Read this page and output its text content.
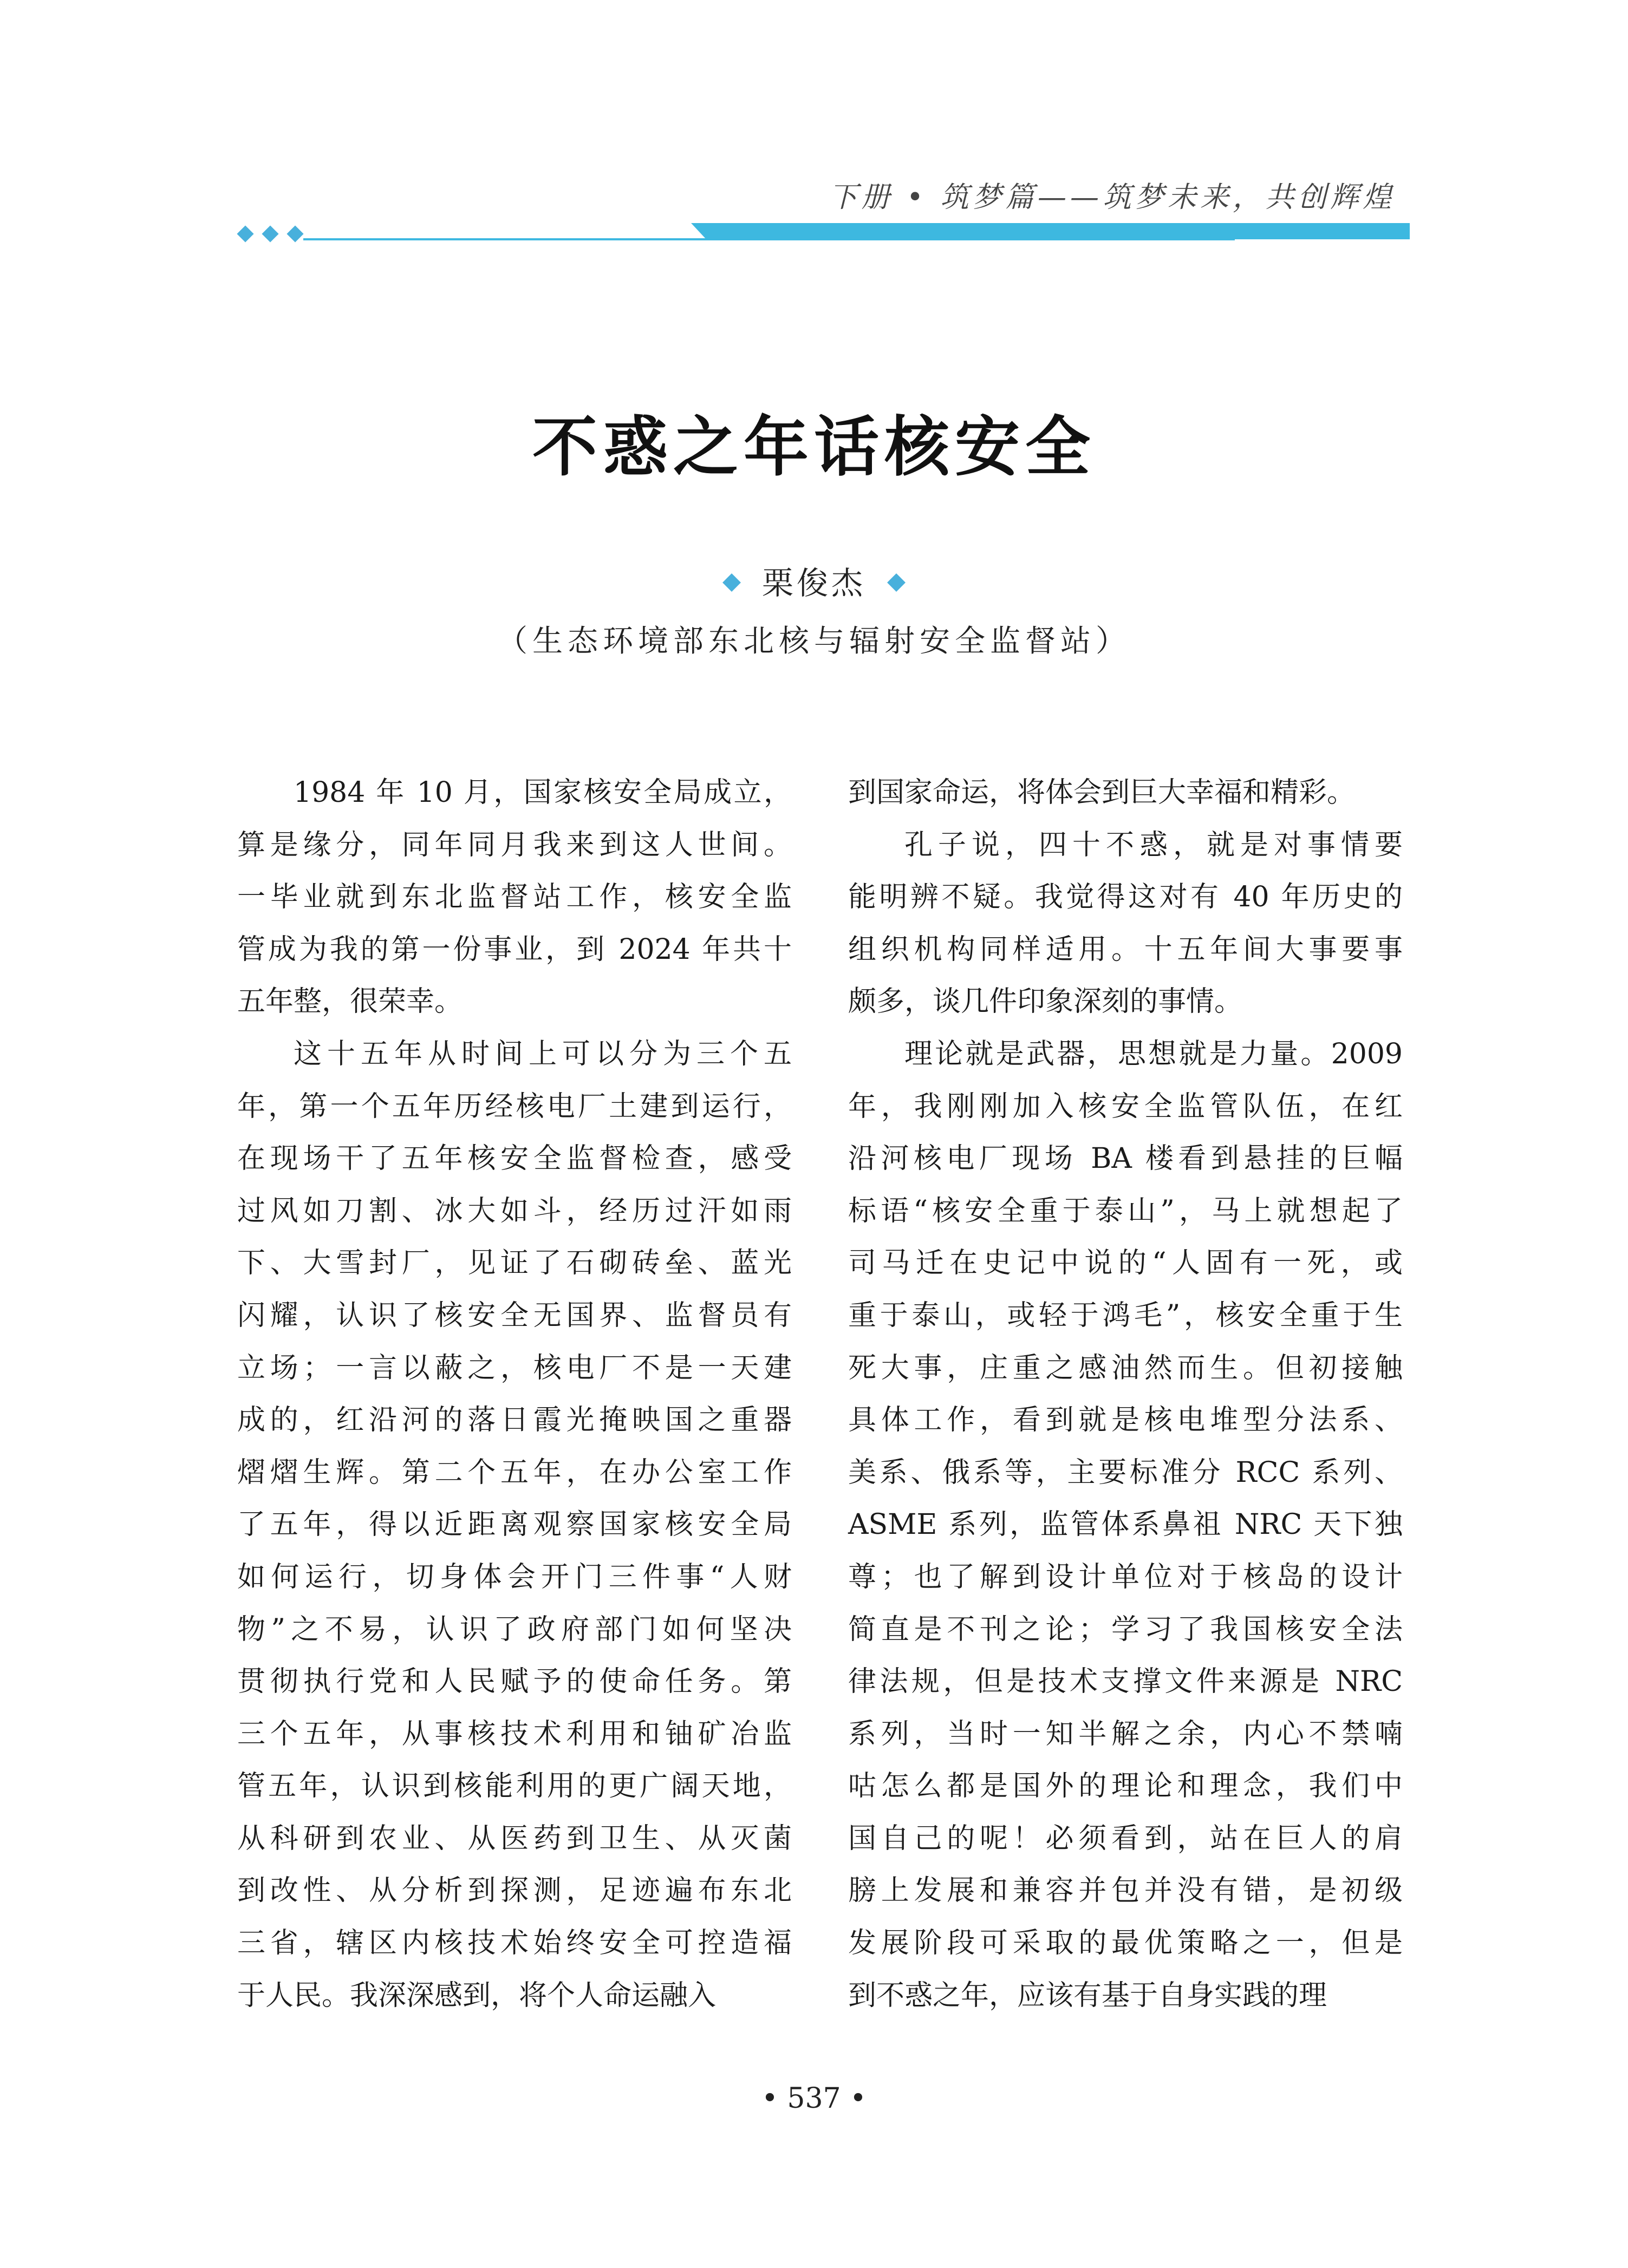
下册 • 筑梦篇——筑梦未来，共创辉煌
不惑之年话核安全
栗俊杰
（生态环境部东北核与辐射安全监督站）

1984 年 10 月，国家核安全局成立，
算是缘分，同年同月我来到这人世间。
一毕业就到东北监督站工作，核安全监
管成为我的第一份事业，到 2024 年共十
五年整，很荣幸。

这十五年从时间上可以分为三个五
年，第一个五年历经核电厂土建到运行，
在现场干了五年核安全监督检查，感受
过风如刀割、冰大如斗，经历过汗如雨
下、大雪封厂，见证了石砌砖垒、蓝光
闪耀，认识了核安全无国界、监督员有
立场；一言以蔽之，核电厂不是一天建
成的，红沿河的落日霞光掩映国之重器
熠熠生辉。第二个五年，在办公室工作
了五年，得以近距离观察国家核安全局
如何运行，切身体会开门三件事“人财
物”之不易，认识了政府部门如何坚决
贯彻执行党和人民赋予的使命任务。第
三个五年，从事核技术利用和铀矿冶监
管五年，认识到核能利用的更广阔天地，
从科研到农业、从医药到卫生、从灭菌
到改性、从分析到探测，足迹遍布东北
三省，辖区内核技术始终安全可控造福
于人民。我深深感到，将个人命运融入

到国家命运，将体会到巨大幸福和精彩。

孔子说，四十不惑，就是对事情要
能明辨不疑。我觉得这对有 40 年历史的
组织机构同样适用。十五年间大事要事
颇多，谈几件印象深刻的事情。

理论就是武器，思想就是力量。2009
年，我刚刚加入核安全监管队伍，在红
沿河核电厂现场 BA 楼看到悬挂的巨幅
标语“核安全重于泰山”，马上就想起了
司马迁在史记中说的“人固有一死，或
重于泰山，或轻于鸿毛”，核安全重于生
死大事，庄重之感油然而生。但初接触
具体工作，看到就是核电堆型分法系、
美系、俄系等，主要标准分 RCC 系列、
ASME 系列，监管体系鼻祖 NRC 天下独
尊；也了解到设计单位对于核岛的设计
简直是不刊之论；学习了我国核安全法
律法规，但是技术支撑文件来源是 NRC
系列，当时一知半解之余，内心不禁喃
咕怎么都是国外的理论和理念，我们中
国自己的呢！必须看到，站在巨人的肩
膀上发展和兼容并包并没有错，是初级
发展阶段可采取的最优策略之一，但是
到不惑之年，应该有基于自身实践的理

• 537 •
